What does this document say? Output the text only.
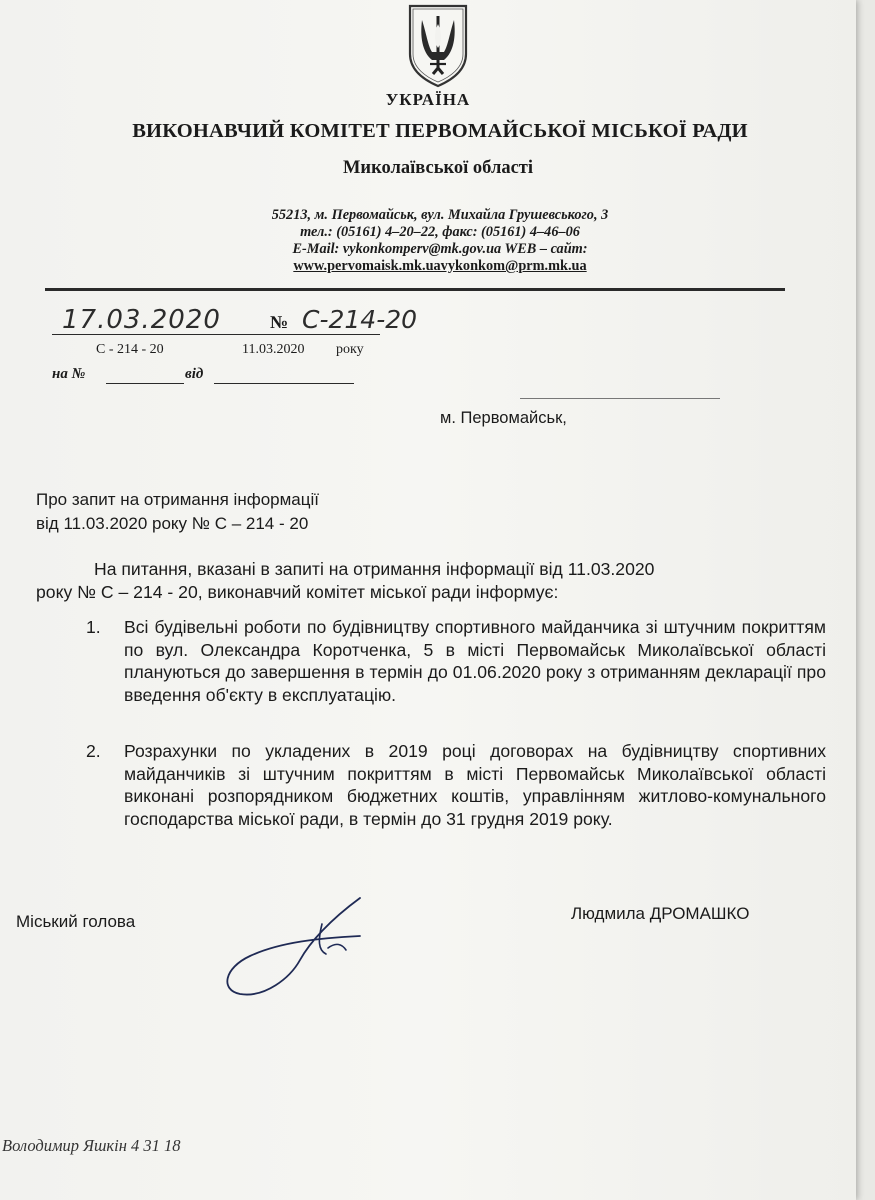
УКРАЇНА
ВИКОНАВЧИЙ КОМІТЕТ ПЕРВОМАЙСЬКОЇ МІСЬКОЇ РАДИ
Миколаївської області
55213, м. Первомайськ, вул. Михайла Грушевського, 3
тел.: (05161) 4–20–22, факс: (05161) 4–46–06
E-Mail: vykonkomperv@mk.gov.ua WEB – сайт:
www.pervomaisk.mk.uavykonkom@prm.mk.ua
17.03.2020	№ С-214-20
С - 214 - 20	11.03.2020 року
на №	від
м. Первомайськ,
Про запит на отримання інформації
від 11.03.2020 року № С – 214 - 20
На питання, вказані в запиті на отримання інформації від 11.03.2020
року № С – 214 - 20, виконавчий комітет міської ради інформує:
1.	Всі будівельні роботи по будівництву спортивного майданчика зі штучним покриттям по вул. Олександра Коротченка, 5 в місті Первомайськ Миколаївської області плануються до завершення в термін до 01.06.2020 року з отриманням декларації про введення об'єкту в експлуатацію.
2.	Розрахунки по укладених в 2019 році договорах на будівництву спортивних майданчиків зі штучним покриттям в місті Первомайськ Миколаївської області виконані розпорядником бюджетних коштів, управлінням житлово-комунального господарства міської ради, в термін до 31 грудня 2019 року.
Міський голова	Людмила ДРОМАШКО
Володимир Яшкін 4 31 18
